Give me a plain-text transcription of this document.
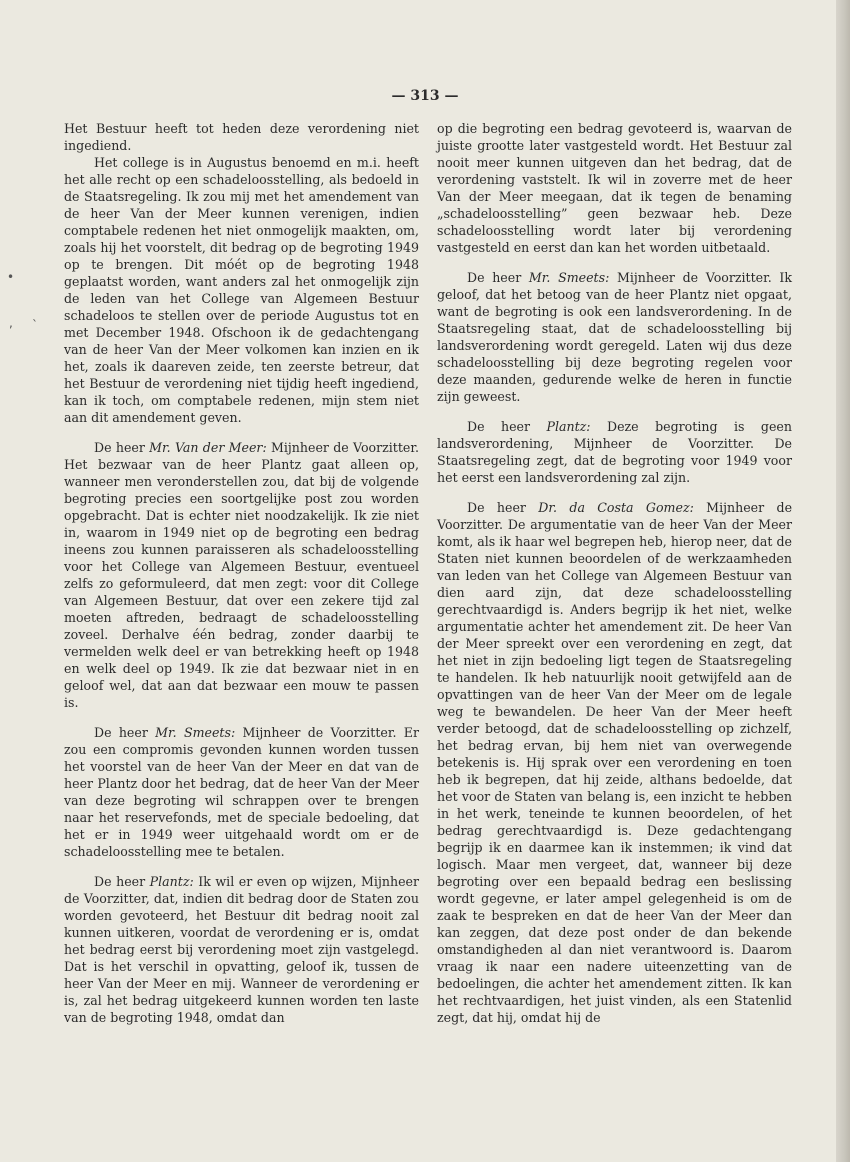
— 313 —
•
, `

Het Bestuur heeft tot heden deze verordening niet ingediend.

Het college is in Augustus benoemd en m.i. heeft het alle recht op een schadeloosstelling, als bedoeld in de Staatsregeling. Ik zou mij met het amendement van de heer Van der Meer kunnen verenigen, indien comptabele redenen het niet onmogelijk maakten, om, zoals hij het voorstelt, dit bedrag op de begroting 1949 op te brengen. Dit móét op de begroting 1948 geplaatst worden, want anders zal het onmogelijk zijn de leden van het College van Algemeen Bestuur schadeloos te stellen over de periode Augustus tot en met December 1948. Ofschoon ik de gedachtengang van de heer Van der Meer volkomen kan inzien en ik het, zoals ik daareven zeide, ten zeerste betreur, dat het Bestuur de verordening niet tijdig heeft ingediend, kan ik toch, om comptabele redenen, mijn stem niet aan dit amendement geven.

De heer Mr. Van der Meer: Mijnheer de Voorzitter. Het bezwaar van de heer Plantz gaat alleen op, wanneer men veronderstellen zou, dat bij de volgende begroting precies een soortgelijke post zou worden opgebracht. Dat is echter niet noodzakelijk. Ik zie niet in, waarom in 1949 niet op de begroting een bedrag ineens zou kunnen paraisseren als schadeloosstelling voor het College van Algemeen Bestuur, eventueel zelfs zo geformuleerd, dat men zegt: voor dit College van Algemeen Bestuur, dat over een zekere tijd zal moeten aftreden, bedraagt de schadeloosstelling zoveel. Derhalve één bedrag, zonder daarbij te vermelden welk deel er van betrekking heeft op 1948 en welk deel op 1949. Ik zie dat bezwaar niet in en geloof wel, dat aan dat bezwaar een mouw te passen is.

De heer Mr. Smeets: Mijnheer de Voorzitter. Er zou een compromis gevonden kunnen worden tussen het voorstel van de heer Van der Meer en dat van de heer Plantz door het bedrag, dat de heer Van der Meer van deze begroting wil schrappen over te brengen naar het reservefonds, met de speciale bedoeling, dat het er in 1949 weer uitgehaald wordt om er de schadeloosstelling mee te betalen.

De heer Plantz: Ik wil er even op wijzen, Mijnheer de Voorzitter, dat, indien dit bedrag door de Staten zou worden gevoteerd, het Bestuur dit bedrag nooit zal kunnen uitkeren, voordat de verordening er is, omdat het bedrag eerst bij verordening moet zijn vastgelegd. Dat is het verschil in opvatting, geloof ik, tussen de heer Van der Meer en mij. Wanneer de verordening er is, zal het bedrag uitgekeerd kunnen worden ten laste van de begroting 1948, omdat dan

op die begroting een bedrag gevoteerd is, waarvan de juiste grootte later vastgesteld wordt. Het Bestuur zal nooit meer kunnen uitgeven dan het bedrag, dat de verordening vaststelt. Ik wil in zoverre met de heer Van der Meer meegaan, dat ik tegen de benaming „schadeloosstelling” geen bezwaar heb. Deze schadeloosstelling wordt later bij verordening vastgesteld en eerst dan kan het worden uitbetaald.

De heer Mr. Smeets: Mijnheer de Voorzitter. Ik geloof, dat het betoog van de heer Plantz niet opgaat, want de begroting is ook een landsverordening. In de Staatsregeling staat, dat de schadeloosstelling bij landsverordening wordt geregeld. Laten wij dus deze schadeloosstelling bij deze begroting regelen voor deze maanden, gedurende welke de heren in functie zijn geweest.

De heer Plantz: Deze begroting is geen landsverordening, Mijnheer de Voorzitter. De Staatsregeling zegt, dat de begroting voor 1949 voor het eerst een landsverordening zal zijn.

De heer Dr. da Costa Gomez: Mijnheer de Voorzitter. De argumentatie van de heer Van der Meer komt, als ik haar wel begrepen heb, hierop neer, dat de Staten niet kunnen beoordelen of de werkzaamheden van leden van het College van Algemeen Bestuur van dien aard zijn, dat deze schadeloosstelling gerechtvaardigd is. Anders begrijp ik het niet, welke argumentatie achter het amendement zit. De heer Van der Meer spreekt over een verordening en zegt, dat het niet in zijn bedoeling ligt tegen de Staatsregeling te handelen. Ik heb natuurlijk nooit getwijfeld aan de opvattingen van de heer Van der Meer om de legale weg te bewandelen. De heer Van der Meer heeft verder betoogd, dat de schadeloosstelling op zichzelf, het bedrag ervan, bij hem niet van overwegende betekenis is. Hij sprak over een verordening en toen heb ik begrepen, dat hij zeide, althans bedoelde, dat het voor de Staten van belang is, een inzicht te hebben in het werk, teneinde te kunnen beoordelen, of het bedrag gerechtvaardigd is. Deze gedachtengang begrijp ik en daarmee kan ik instemmen; ik vind dat logisch. Maar men vergeet, dat, wanneer bij deze begroting over een bepaald bedrag een beslissing wordt gegevne, er later ampel gelegenheid is om de zaak te bespreken en dat de heer Van der Meer dan kan zeggen, dat deze post onder de dan bekende omstandigheden al dan niet verantwoord is. Daarom vraag ik naar een nadere uiteenzetting van de bedoelingen, die achter het amendement zitten. Ik kan het rechtvaardigen, het juist vinden, als een Statenlid zegt, dat hij, omdat hij de
